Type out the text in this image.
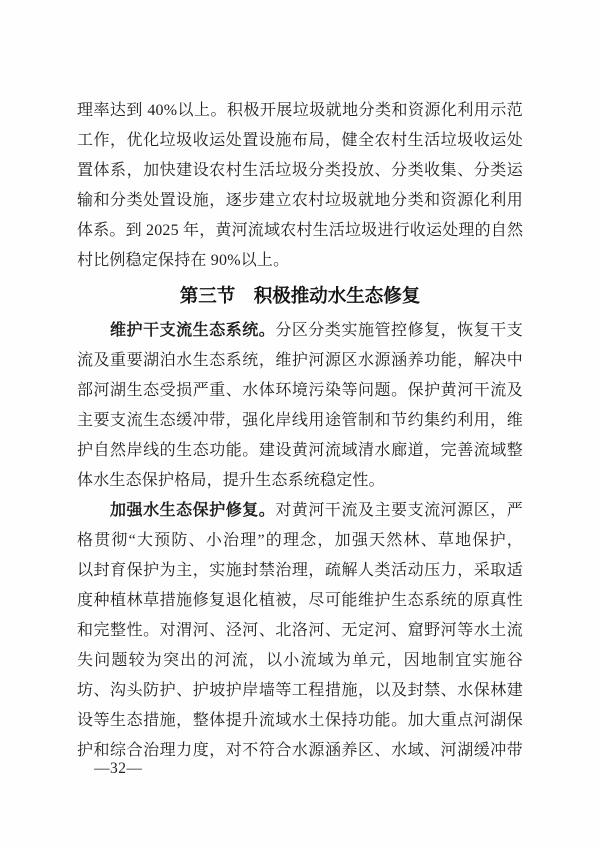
理率达到 40%以上。积极开展垃圾就地分类和资源化利用示范
工作，优化垃圾收运处置设施布局，健全农村生活垃圾收运处
置体系，加快建设农村生活垃圾分类投放、分类收集、分类运
输和分类处置设施，逐步建立农村垃圾就地分类和资源化利用
体系。到 2025 年，黄河流域农村生活垃圾进行收运处理的自然
村比例稳定保持在 90%以上。
第三节　积极推动水生态修复
维护干支流生态系统。分区分类实施管控修复，恢复干支
流及重要湖泊水生态系统，维护河源区水源涵养功能，解决中
部河湖生态受损严重、水体环境污染等问题。保护黄河干流及
主要支流生态缓冲带，强化岸线用途管制和节约集约利用，维
护自然岸线的生态功能。建设黄河流域清水廊道，完善流域整
体水生态保护格局，提升生态系统稳定性。
加强水生态保护修复。对黄河干流及主要支流河源区，严
格贯彻“大预防、小治理”的理念，加强天然林、草地保护，
以封育保护为主，实施封禁治理，疏解人类活动压力，采取适
度种植林草措施修复退化植被，尽可能维护生态系统的原真性
和完整性。对渭河、泾河、北洛河、无定河、窟野河等水土流
失问题较为突出的河流，以小流域为单元，因地制宜实施谷
坊、沟头防护、护坡护岸墙等工程措施，以及封禁、水保林建
设等生态措施，整体提升流域水土保持功能。加大重点河湖保
护和综合治理力度，对不符合水源涵养区、水域、河湖缓冲带
—32—
